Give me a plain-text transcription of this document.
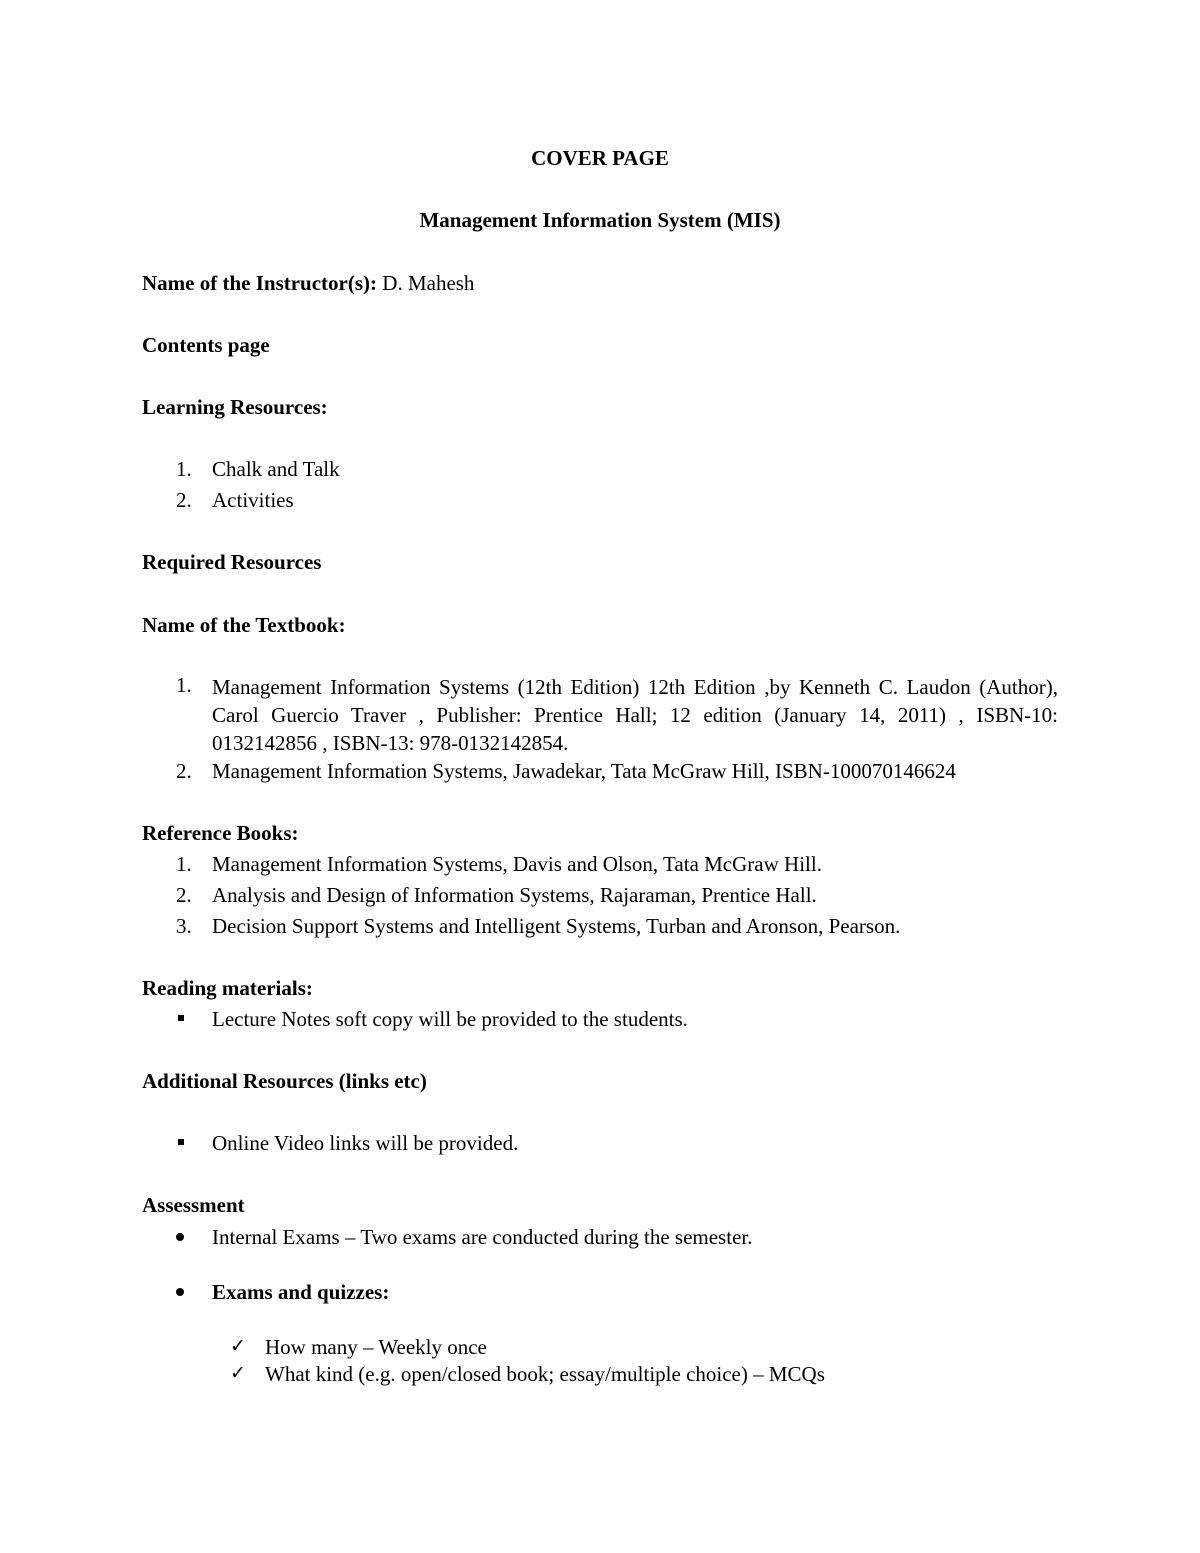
COVER PAGE
Management Information System (MIS)
Name of the Instructor(s): D. Mahesh
Contents page
Learning Resources:
1. Chalk and Talk
2. Activities
Required Resources
Name of the Textbook:
1. Management Information Systems (12th Edition) 12th Edition ,by Kenneth C. Laudon (Author), Carol Guercio Traver , Publisher: Prentice Hall; 12 edition (January 14, 2011) , ISBN-10: 0132142856 , ISBN-13: 978-0132142854.
2. Management Information Systems, Jawadekar, Tata McGraw Hill, ISBN-100070146624
Reference Books:
1. Management Information Systems, Davis and Olson, Tata McGraw Hill.
2. Analysis and Design of Information Systems, Rajaraman, Prentice Hall.
3. Decision Support Systems and Intelligent Systems, Turban and Aronson, Pearson.
Reading materials:
Lecture Notes soft copy will be provided to the students.
Additional Resources (links etc)
Online Video links will be provided.
Assessment
Internal Exams – Two exams are conducted during the semester.
Exams and quizzes:
✓ How many – Weekly once
✓ What kind (e.g. open/closed book; essay/multiple choice) – MCQs
